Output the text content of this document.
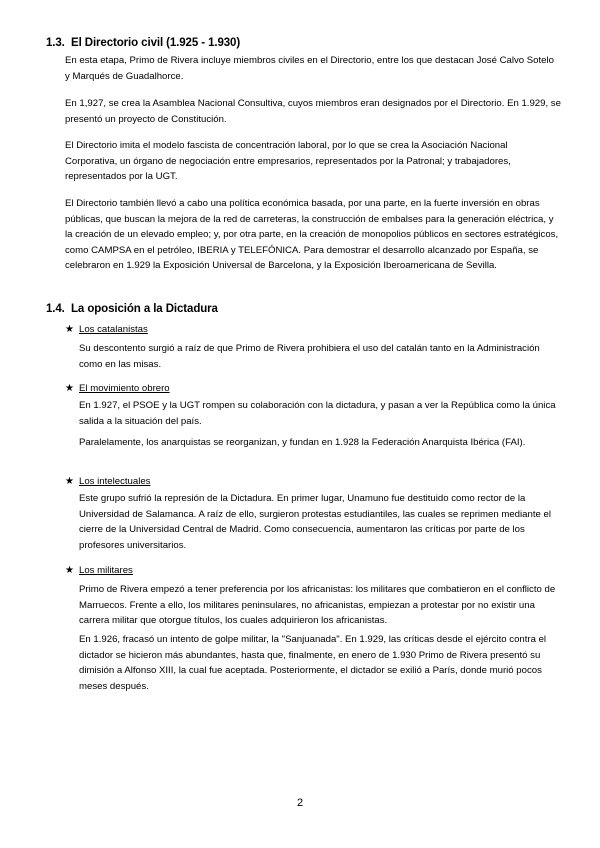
1.3. El Directorio civil (1.925 - 1.930)

En esta etapa, Primo de Rivera incluye miembros civiles en el Directorio, entre los que destacan José Calvo Sotelo y Marqués de Guadalhorce.

En 1,927, se crea la Asamblea Nacional Consultiva, cuyos miembros eran designados por el Directorio. En 1.929, se presentó un proyecto de Constitución.

El Directorio imita el modelo fascista de concentración laboral, por lo que se crea la Asociación Nacional Corporativa, un órgano de negociación entre empresarios, representados por la Patronal; y trabajadores, representados por la UGT.

El Directorio también llevó a cabo una política económica basada, por una parte, en la fuerte inversión en obras públicas, que buscan la mejora de la red de carreteras, la construcción de embalses para la generación eléctrica, y la creación de un elevado empleo; y, por otra parte, en la creación de monopolios públicos en sectores estratégicos, como CAMPSA en el petróleo, IBERIA y TELEFÓNICA. Para demostrar el desarrollo alcanzado por España, se celebraron en 1.929 la Exposición Universal de Barcelona, y la Exposición Iberoamericana de Sevilla.

1.4. La oposición a la Dictadura
★ Los catalanistas

Su descontento surgió a raíz de que Primo de Rivera prohibiera el uso del catalán tanto en la Administración como en las misas.

★ El movimiento obrero

En 1.927, el PSOE y la UGT rompen su colaboración con la dictadura, y pasan a ver la República como la única salida a la situación del país.

Paralelamente, los anarquistas se reorganizan, y fundan en 1.928 la Federación Anarquista Ibérica (FAI).

★ Los intelectuales

Este grupo sufrió la represión de la Dictadura. En primer lugar, Unamuno fue destituido como rector de la Universidad de Salamanca. A raíz de ello, surgieron protestas estudiantiles, las cuales se reprimen mediante el cierre de la Universidad Central de Madrid. Como consecuencia, aumentaron las críticas por parte de los profesores universitarios.

★ Los militares

Primo de Rivera empezó a tener preferencia por los africanistas: los militares que combatieron en el conflicto de Marruecos. Frente a ello, los militares peninsulares, no africanistas, empiezan a protestar por no existir una carrera militar que otorgue títulos, los cuales adquirieron los africanistas.

En 1.926, fracasó un intento de golpe militar, la "Sanjuanada". En 1.929, las críticas desde el ejército contra el dictador se hicieron más abundantes, hasta que, finalmente, en enero de 1.930 Primo de Rivera presentó su dimisión a Alfonso XIII, la cual fue aceptada. Posteriormente, el dictador se exilió a París, donde murió pocos meses después.

2
